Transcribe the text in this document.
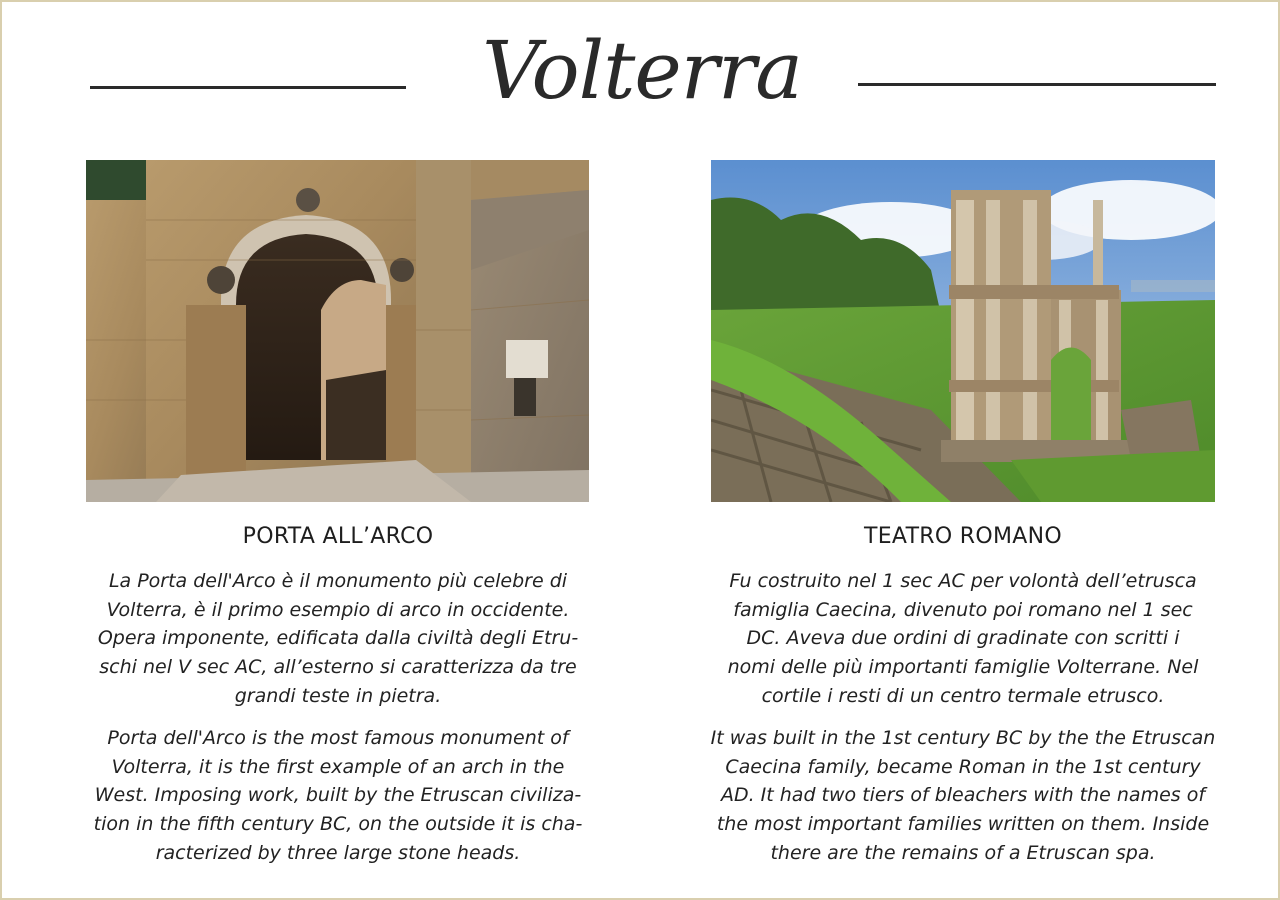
Volterra
PORTA ALL’ARCO	TEATRO ROMANO
La Porta dell'Arco è il monumento più celebre di
Volterra, è il primo esempio di arco in occidente.
Opera imponente, edificata dalla civiltà degli Etru-
schi nel V sec AC, all’esterno si caratterizza da tre
grandi teste in pietra.
Fu costruito nel 1 sec AC per volontà dell’etrusca
famiglia Caecina, divenuto poi romano nel 1 sec
DC. Aveva due ordini di gradinate con scritti i
nomi delle più importanti famiglie Volterrane. Nel
cortile i resti di un centro termale etrusco.
Porta dell'Arco is the most famous monument of
Volterra, it is the first example of an arch in the
West. Imposing work, built by the Etruscan civiliza-
tion in the fifth century BC, on the outside it is cha-
racterized by three large stone heads.
It was built in the 1st century BC by the the Etruscan
Caecina family, became Roman in the 1st century
AD. It had two tiers of bleachers with the names of
the most important families written on them. Inside
there are the remains of a Etruscan spa.
